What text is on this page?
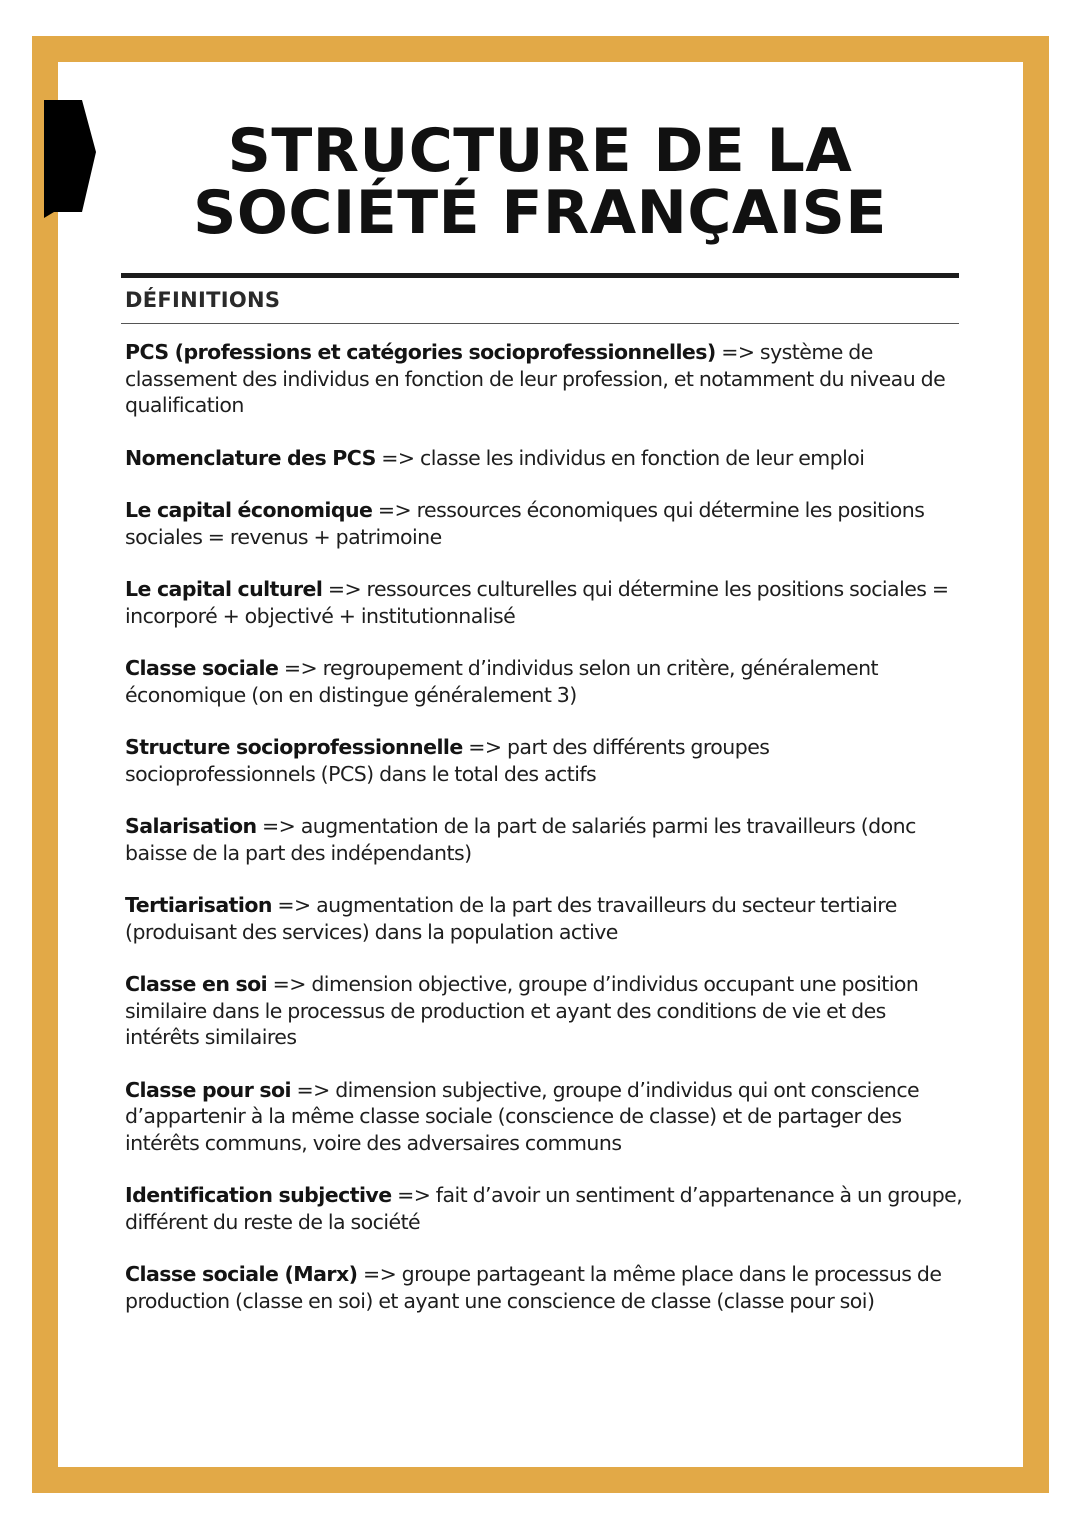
STRUCTURE DE LA
SOCIÉTÉ FRANÇAISE
DÉFINITIONS
PCS (professions et catégories socioprofessionnelles) => système de classement des individus en fonction de leur profession, et notamment du niveau de qualification
Nomenclature des PCS => classe les individus en fonction de leur emploi
Le capital économique => ressources économiques qui détermine les positions sociales = revenus + patrimoine
Le capital culturel => ressources culturelles qui détermine les positions sociales = incorporé + objectivé + institutionnalisé
Classe sociale => regroupement d’individus selon un critère, généralement économique (on en distingue généralement 3)
Structure socioprofessionnelle => part des différents groupes socioprofessionnels (PCS) dans le total des actifs
Salarisation => augmentation de la part de salariés parmi les travailleurs (donc baisse de la part des indépendants)
Tertiarisation => augmentation de la part des travailleurs du secteur tertiaire (produisant des services) dans la population active
Classe en soi => dimension objective, groupe d’individus occupant une position similaire dans le processus de production et ayant des conditions de vie et des intérêts similaires
Classe pour soi => dimension subjective, groupe d’individus qui ont conscience d’appartenir à la même classe sociale (conscience de classe) et de partager des intérêts communs, voire des adversaires communs
Identification subjective => fait d’avoir un sentiment d’appartenance à un groupe, différent du reste de la société
Classe sociale (Marx) => groupe partageant la même place dans le processus de production (classe en soi) et ayant une conscience de classe (classe pour soi)
